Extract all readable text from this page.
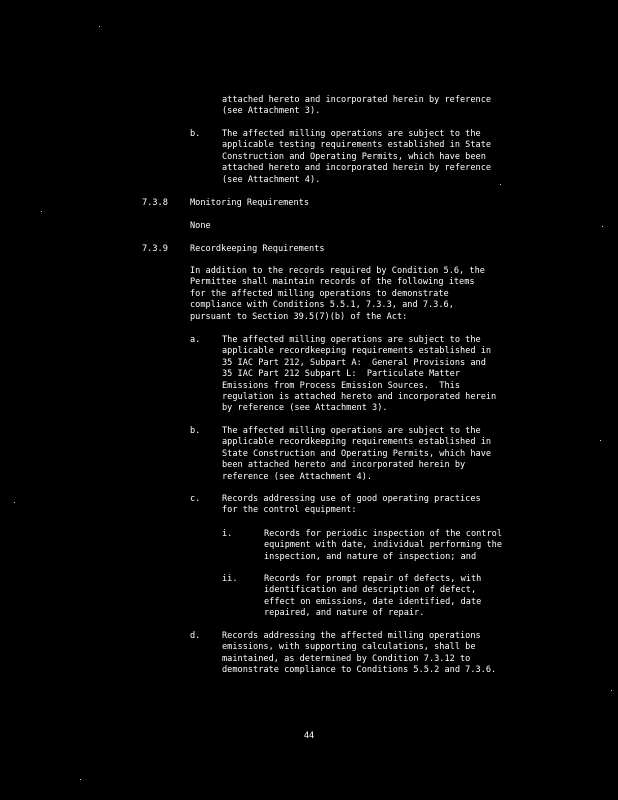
attached hereto and incorporated herein by reference
(see Attachment 3).
b.	The affected milling operations are subject to the
applicable testing requirements established in State
Construction and Operating Permits, which have been
attached hereto and incorporated herein by reference
(see Attachment 4).
7.3.8	Monitoring Requirements
None
7.3.9	Recordkeeping Requirements
In addition to the records required by Condition 5.6, the
Permittee shall maintain records of the following items
for the affected milling operations to demonstrate
compliance with Conditions 5.5.1, 7.3.3, and 7.3.6,
pursuant to Section 39.5(7)(b) of the Act:
a.	The affected milling operations are subject to the
applicable recordkeeping requirements established in
35 IAC Part 212, Subpart A:  General Provisions and
35 IAC Part 212 Subpart L:  Particulate Matter
Emissions from Process Emission Sources.  This
regulation is attached hereto and incorporated herein
by reference (see Attachment 3).
b.	The affected milling operations are subject to the
applicable recordkeeping requirements established in
State Construction and Operating Permits, which have
been attached hereto and incorporated herein by
reference (see Attachment 4).
c.	Records addressing use of good operating practices
for the control equipment:
i.	Records for periodic inspection of the control
equipment with date, individual performing the
inspection, and nature of inspection; and
ii.	Records for prompt repair of defects, with
identification and description of defect,
effect on emissions, date identified, date
repaired, and nature of repair.
d.	Records addressing the affected milling operations
emissions, with supporting calculations, shall be
maintained, as determined by Condition 7.3.12 to
demonstrate compliance to Conditions 5.5.2 and 7.3.6.
44
